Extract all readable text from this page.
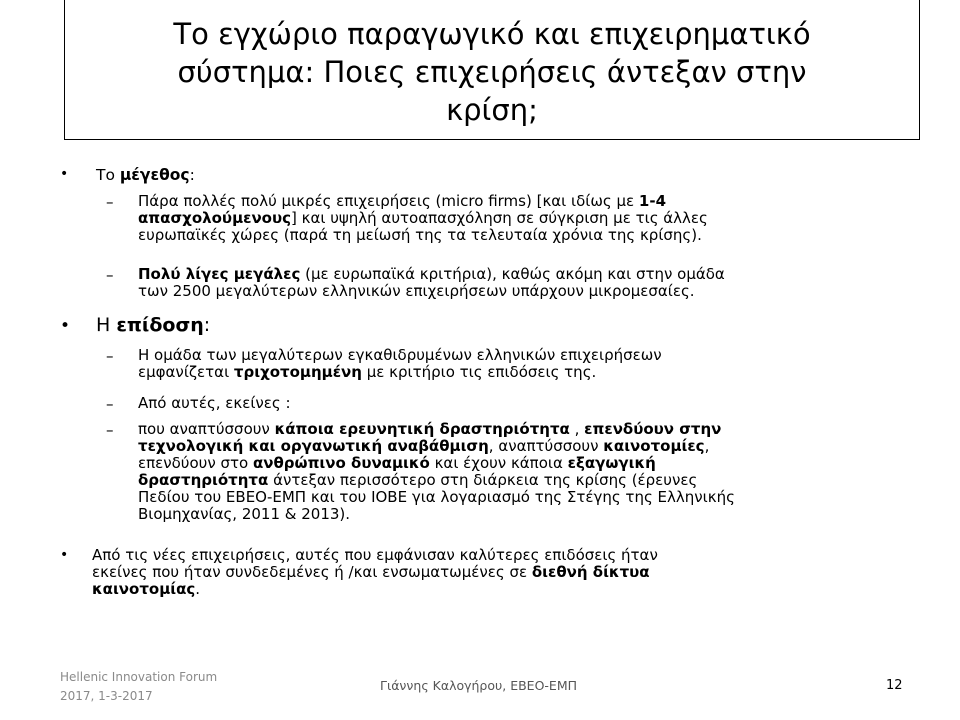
Το εγχώριο παραγωγικό και επιχειρηματικό
σύστημα: Ποιες επιχειρήσεις άντεξαν στην
κρίση;
• Το μέγεθος:

– Πάρα πολλές πολύ μικρές επιχειρήσεις (micro firms) [και ιδίως με 1-4
απασχολούμενους] και υψηλή αυτοαπασχόληση σε σύγκριση με τις άλλες
ευρωπαϊκές χώρες (παρά τη μείωσή της τα τελευταία χρόνια της κρίσης).
– Πολύ λίγες μεγάλες (με ευρωπαϊκά κριτήρια), καθώς ακόμη και στην ομάδα
των 2500 μεγαλύτερων ελληνικών επιχειρήσεων υπάρχουν μικρομεσαίες.
• Η επίδοση:

– Η ομάδα των μεγαλύτερων εγκαθιδρυμένων ελληνικών επιχειρήσεων
εμφανίζεται τριχοτομημένη με κριτήριο τις επιδόσεις της.
– Από αυτές, εκείνες :
– που αναπτύσσουν κάποια ερευνητική δραστηριότητα , επενδύουν στην
τεχνολογική και οργανωτική αναβάθμιση, αναπτύσσουν καινοτομίες,
επενδύουν στο ανθρώπινο δυναμικό και έχουν κάποια εξαγωγική
δραστηριότητα άντεξαν περισσότερο στη διάρκεια της κρίσης (έρευνες
Πεδίου του ΕΒΕΟ-ΕΜΠ και του ΙΟΒΕ για λογαριασμό της Στέγης της Ελληνικής
Βιομηχανίας, 2011 & 2013).
• Από τις νέες επιχειρήσεις, αυτές που εμφάνισαν καλύτερες επιδόσεις ήταν
εκείνες που ήταν συνδεδεμένες ή /και ενσωματωμένες σε διεθνή δίκτυα
καινοτομίας.
Hellenic Innovation Forum
2017, 1-3-2017
Γιάννης Καλογήρου, ΕΒΕΟ-ΕΜΠ	12
